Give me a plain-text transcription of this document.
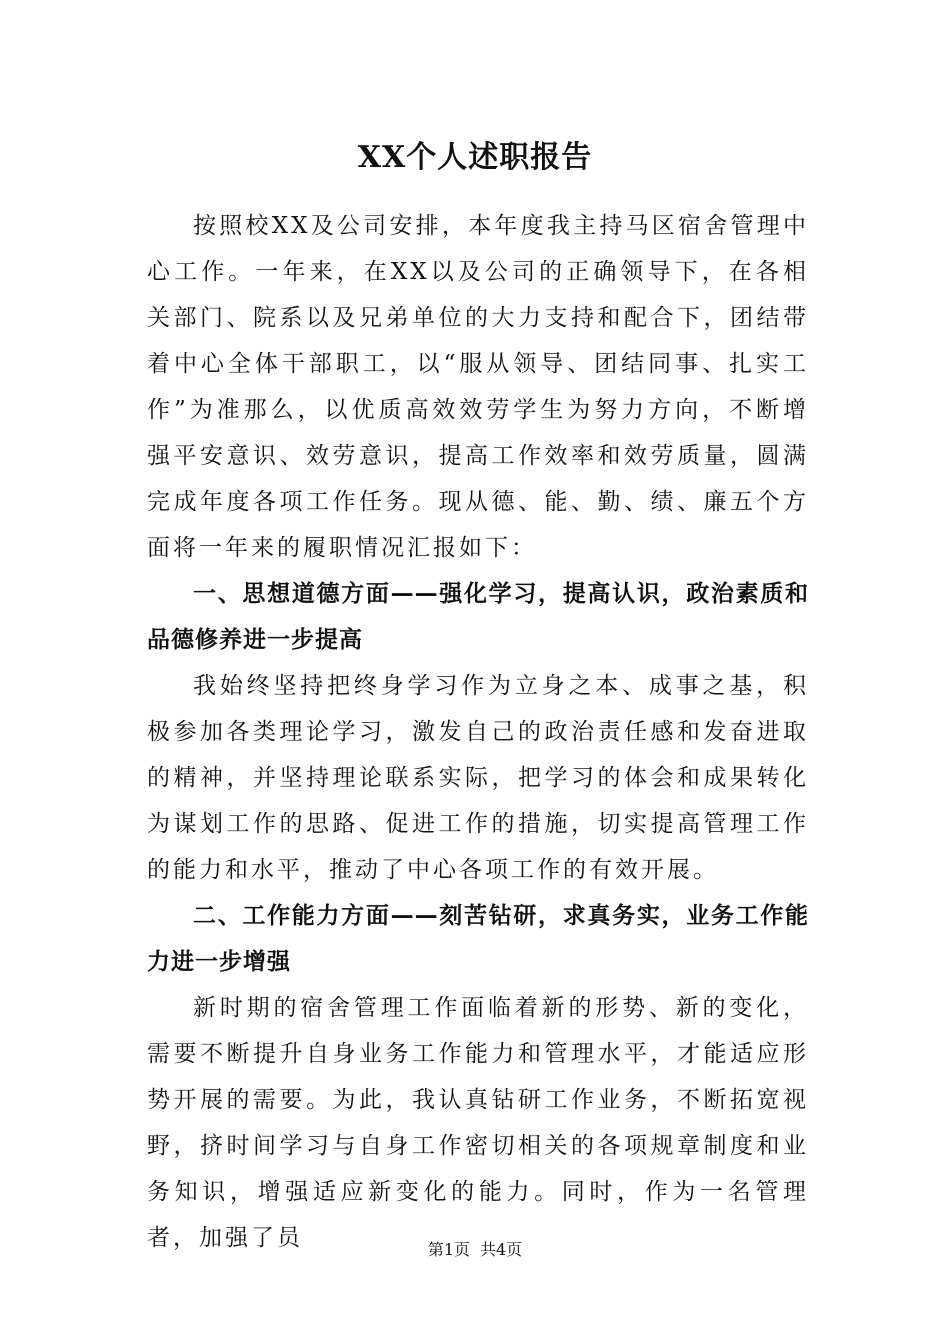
XX个人述职报告

按照校XX及公司安排，本年度我主持马区宿舍管理中心工作。一年来，在XX以及公司的正确领导下，在各相关部门、院系以及兄弟单位的大力支持和配合下，团结带着中心全体干部职工，以“服从领导、团结同事、扎实工作”为准那么，以优质高效效劳学生为努力方向，不断增强平安意识、效劳意识，提高工作效率和效劳质量，圆满完成年度各项工作任务。现从德、能、勤、绩、廉五个方面将一年来的履职情况汇报如下：

一、思想道德方面——强化学习，提高认识，政治素质和品德修养进一步提高

我始终坚持把终身学习作为立身之本、成事之基，积极参加各类理论学习，激发自己的政治责任感和发奋进取的精神，并坚持理论联系实际，把学习的体会和成果转化为谋划工作的思路、促进工作的措施，切实提高管理工作的能力和水平，推动了中心各项工作的有效开展。

二、工作能力方面——刻苦钻研，求真务实，业务工作能力进一步增强

新时期的宿舍管理工作面临着新的形势、新的变化，需要不断提升自身业务工作能力和管理水平，才能适应形势开展的需要。为此，我认真钻研工作业务，不断拓宽视野，挤时间学习与自身工作密切相关的各项规章制度和业务知识，增强适应新变化的能力。同时，作为一名管理者，加强了员	第1页 共4页
